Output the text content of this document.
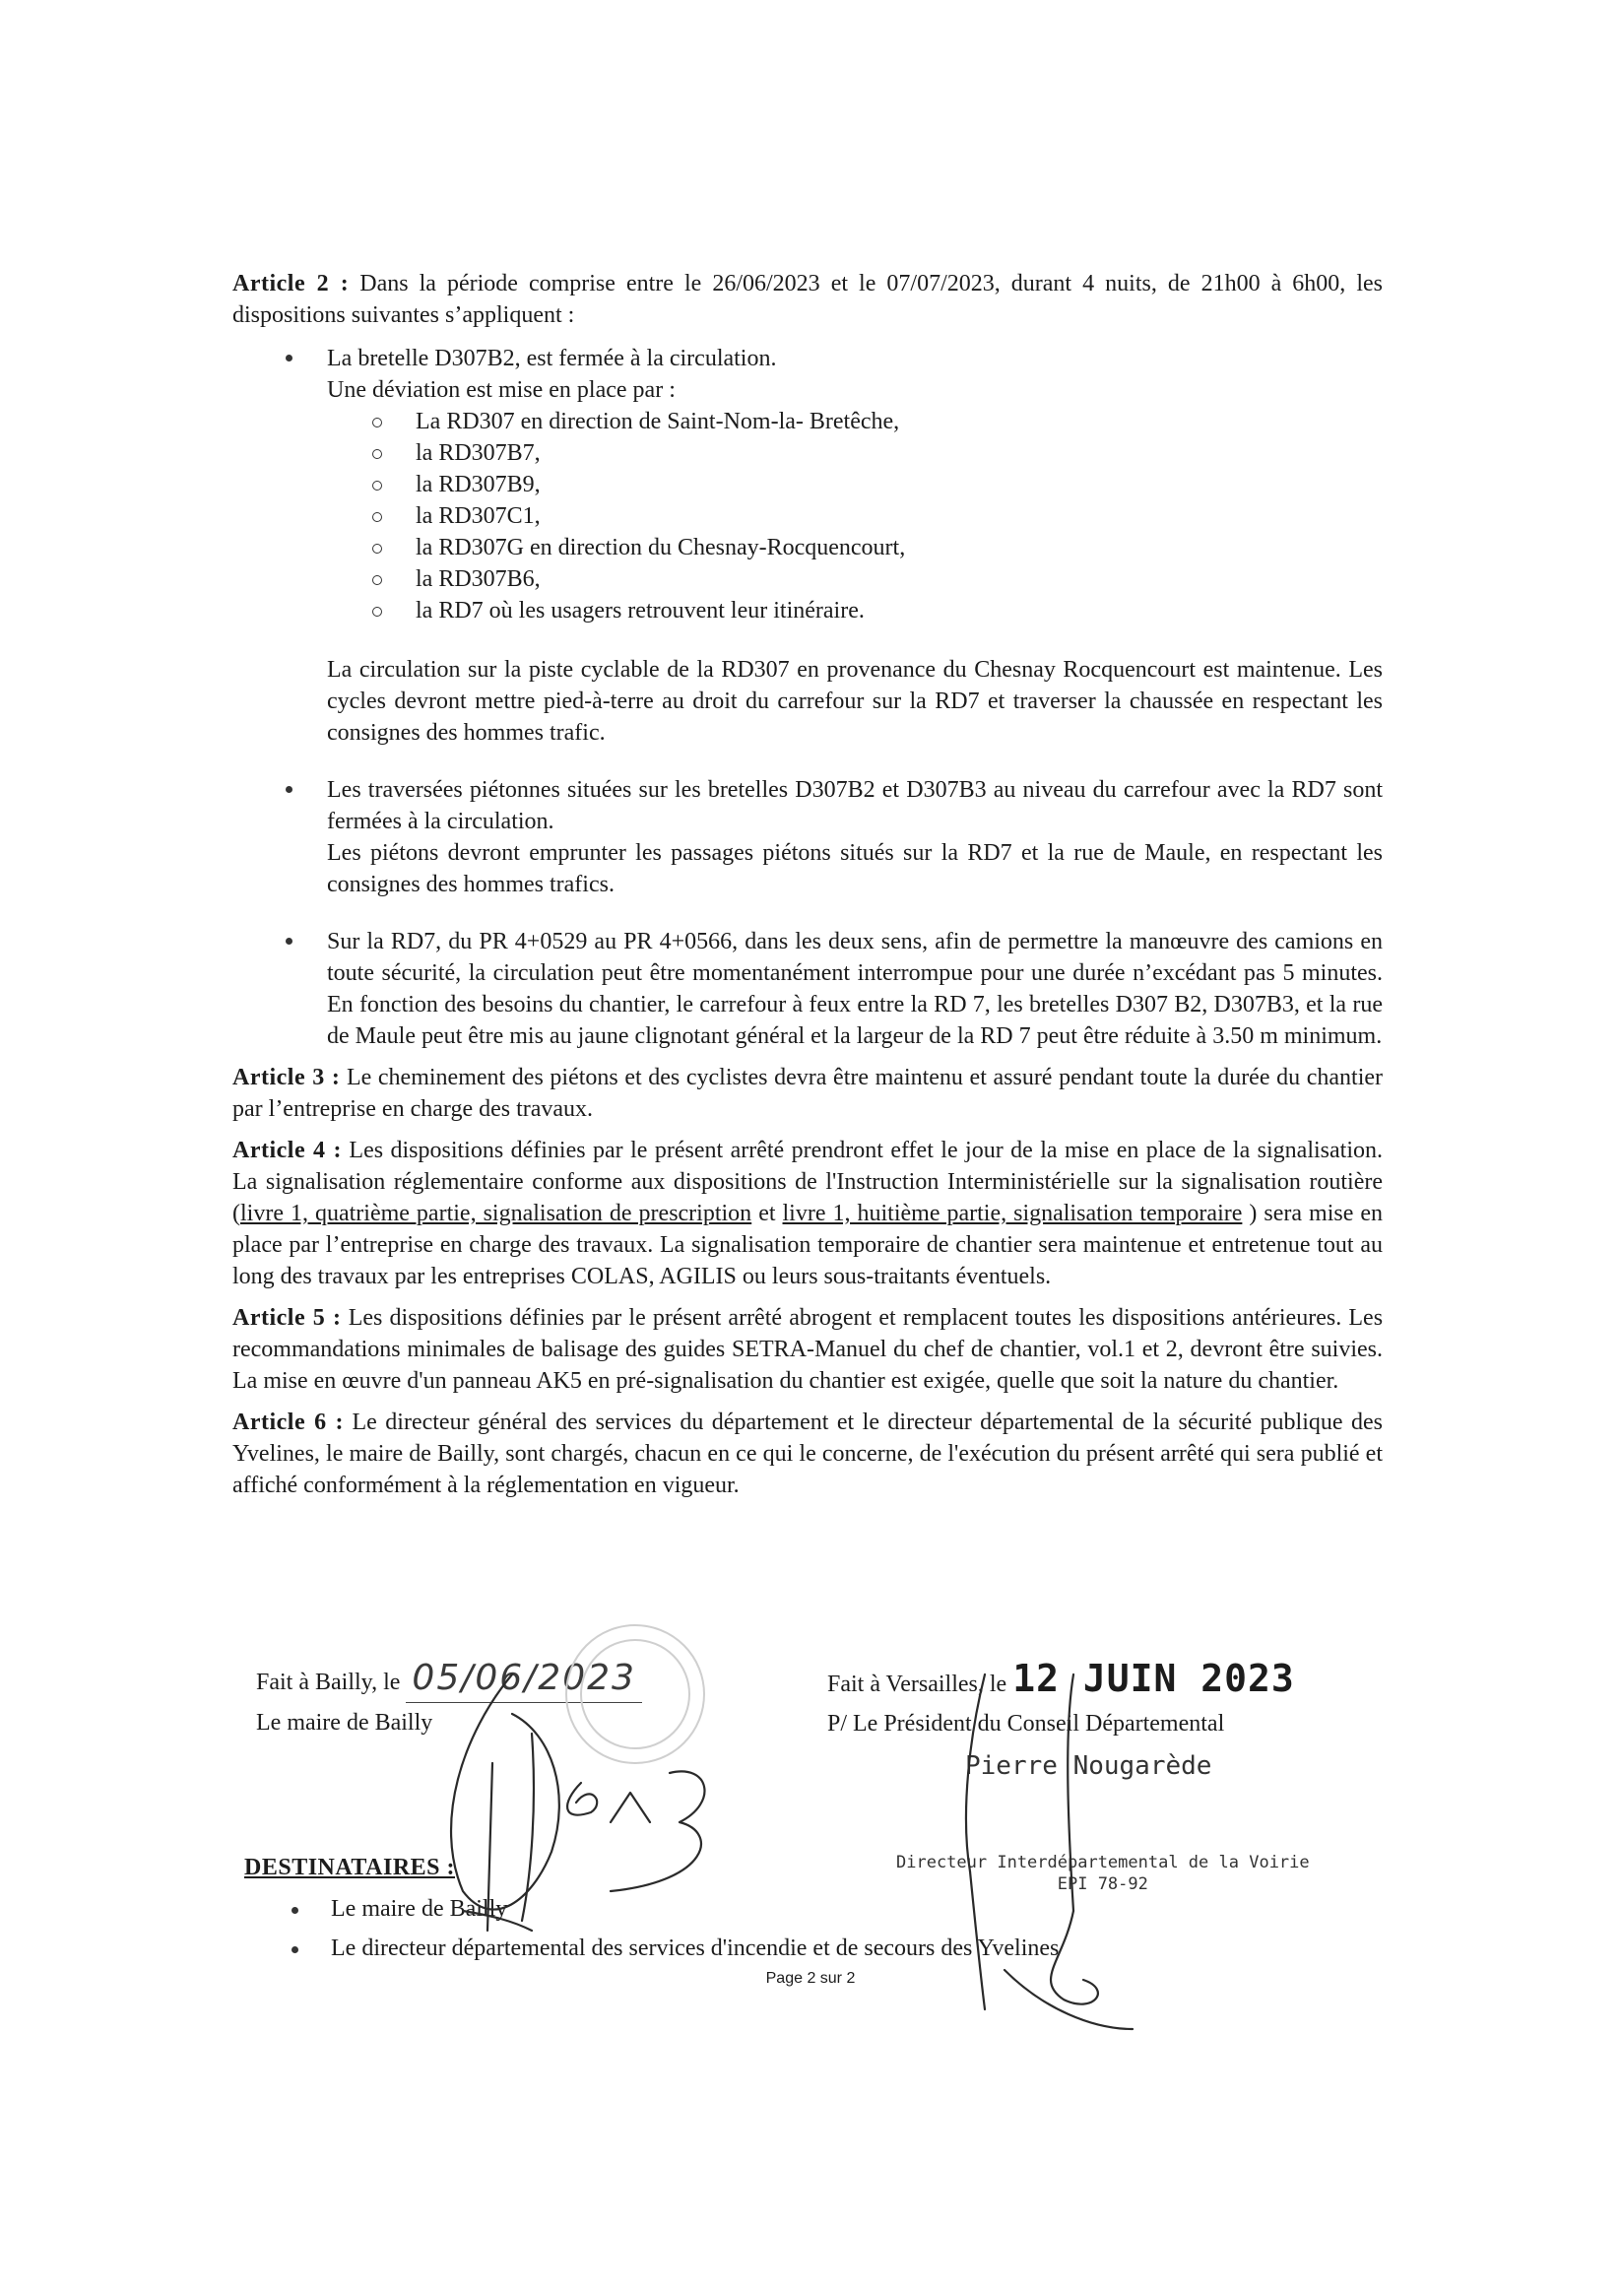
Article 2 : Dans la période comprise entre le 26/06/2023 et le 07/07/2023, durant 4 nuits, de 21h00 à 6h00, les dispositions suivantes s’appliquent :

La bretelle D307B2, est fermée à la circulation.

Une déviation est mise en place par :

La RD307 en direction de Saint-Nom-la- Bretêche,
la RD307B7,
la RD307B9,
la RD307C1,
la RD307G en direction du Chesnay-Rocquencourt,
la RD307B6,
la RD7 où les usagers retrouvent leur itinéraire.

La circulation sur la piste cyclable de la RD307 en provenance du Chesnay Rocquencourt est maintenue. Les cycles devront mettre pied-à-terre au droit du carrefour sur la RD7 et traverser la chaussée en respectant les consignes des hommes trafic.

Les traversées piétonnes situées sur les bretelles D307B2 et D307B3 au niveau du carrefour avec la RD7 sont fermées à la circulation.

Les piétons devront emprunter les passages piétons situés sur la RD7 et la rue de Maule, en respectant les consignes des hommes trafics.

Sur la RD7, du PR 4+0529 au PR 4+0566, dans les deux sens, afin de permettre la manœuvre des camions en toute sécurité, la circulation peut être momentanément interrompue pour une durée n’excédant pas 5 minutes. En fonction des besoins du chantier, le carrefour à feux entre la RD 7, les bretelles D307 B2, D307B3, et la rue de Maule peut être mis au jaune clignotant général et la largeur de la RD 7 peut être réduite à 3.50 m minimum.

Article 3 : Le cheminement des piétons et des cyclistes devra être maintenu et assuré pendant toute la durée du chantier par l’entreprise en charge des travaux.

Article 4 : Les dispositions définies par le présent arrêté prendront effet le jour de la mise en place de la signalisation. La signalisation réglementaire conforme aux dispositions de l'Instruction Interministérielle sur la signalisation routière (livre 1, quatrième partie, signalisation de prescription et livre 1, huitième partie, signalisation temporaire ) sera mise en place par l’entreprise en charge des travaux. La signalisation temporaire de chantier sera maintenue et entretenue tout au long des travaux par les entreprises COLAS, AGILIS ou leurs sous-traitants éventuels.

Article 5 : Les dispositions définies par le présent arrêté abrogent et remplacent toutes les dispositions antérieures. Les recommandations minimales de balisage des guides SETRA-Manuel du chef de chantier, vol.1 et 2, devront être suivies. La mise en œuvre d'un panneau AK5 en pré-signalisation du chantier est exigée, quelle que soit la nature du chantier.

Article 6 : Le directeur général des services du département et le directeur départemental de la sécurité publique des Yvelines, le maire de Bailly, sont chargés, chacun en ce qui le concerne, de l'exécution du présent arrêté qui sera publié et affiché conformément à la réglementation en vigueur.

Fait à Bailly, le 05/06/2023
Le maire de Bailly
Fait à Versailles, le 12 JUIN 2023
P/ Le Président du Conseil Départemental
Pierre Nougarède
Directeur Interdépartemental de la Voirie
EPI 78-92
DESTINATAIRES :
Le maire de Bailly
Le directeur départemental des services d'incendie et de secours des Yvelines
Page 2 sur 2
